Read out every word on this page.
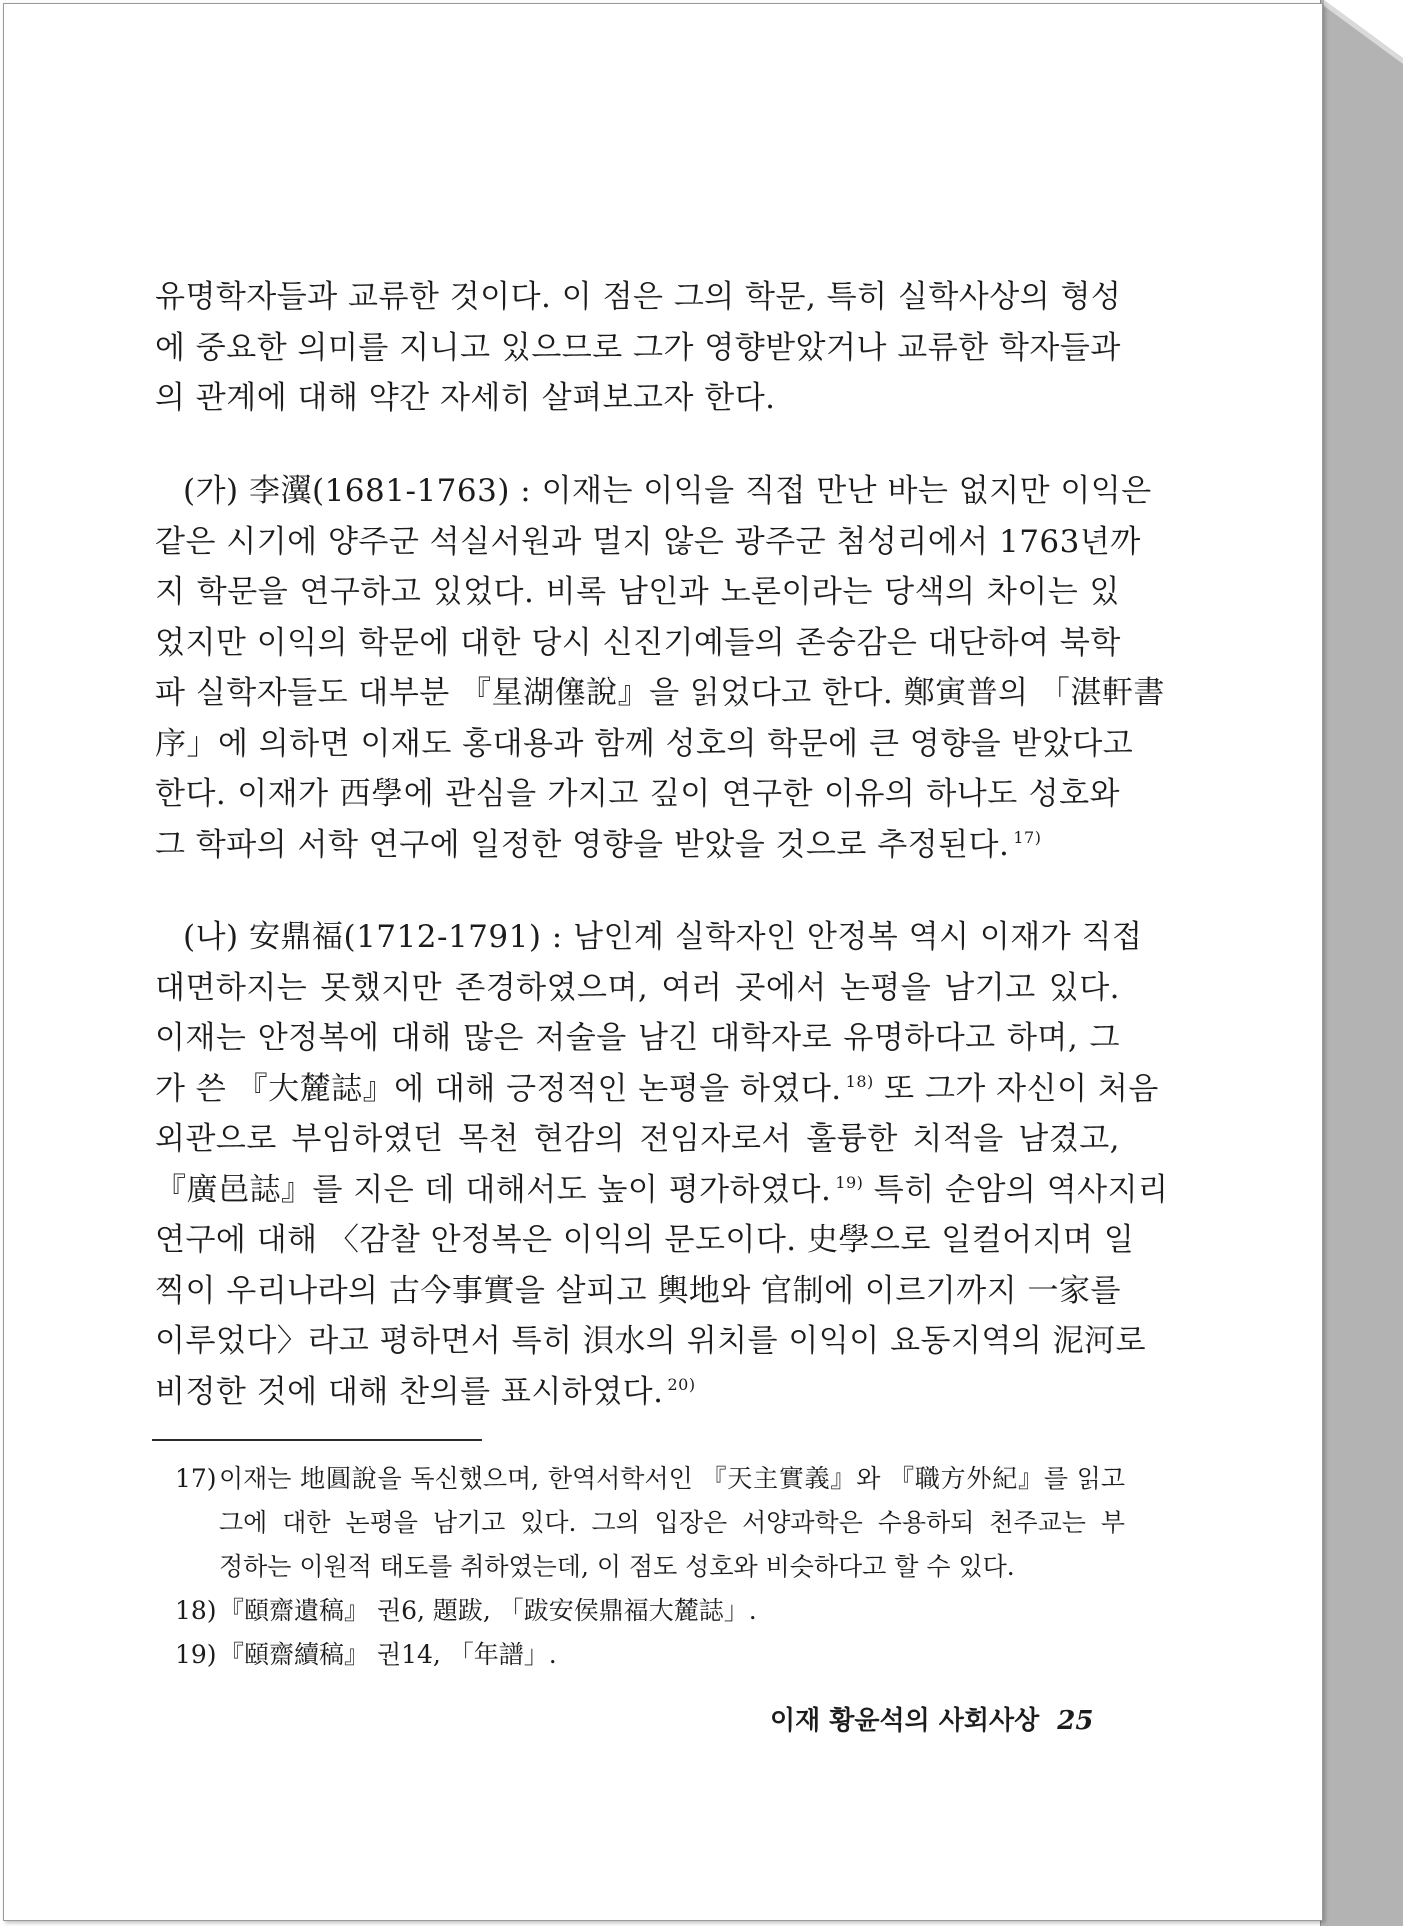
유명학자들과 교류한 것이다. 이 점은 그의 학문, 특히 실학사상의 형성
에 중요한 의미를 지니고 있으므로 그가 영향받았거나 교류한 학자들과
의 관계에 대해 약간 자세히 살펴보고자 한다.
(가) 李瀷(1681-1763) : 이재는 이익을 직접 만난 바는 없지만 이익은
같은 시기에 양주군 석실서원과 멀지 않은 광주군 첨성리에서 1763년까
지 학문을 연구하고 있었다. 비록 남인과 노론이라는 당색의 차이는 있
었지만 이익의 학문에 대한 당시 신진기예들의 존숭감은 대단하여 북학
파 실학자들도 대부분 『星湖僿說』을 읽었다고 한다. 鄭寅普의 「湛軒書
序」에 의하면 이재도 홍대용과 함께 성호의 학문에 큰 영향을 받았다고
한다. 이재가 西學에 관심을 가지고 깊이 연구한 이유의 하나도 성호와
그 학파의 서학 연구에 일정한 영향을 받았을 것으로 추정된다. $^{17)}$
(나) 安鼎福(1712-1791) : 남인계 실학자인 안정복 역시 이재가 직접
대면하지는 못했지만 존경하였으며, 여러 곳에서 논평을 남기고 있다.
이재는 안정복에 대해 많은 저술을 남긴 대학자로 유명하다고 하며, 그
가 쓴 『大麓誌』에 대해 긍정적인 논평을 하였다. $^{18)}$ 또 그가 자신이 처음
외관으로 부임하였던 목천 현감의 전임자로서 훌륭한 치적을 남겼고,
『廣邑誌』를 지은 데 대해서도 높이 평가하였다. $^{19)}$ 특히 순암의 역사지리
연구에 대해 〈감찰 안정복은 이익의 문도이다. 史學으로 일컬어지며 일
찍이 우리나라의 古今事實을 살피고 輿地와 官制에 이르기까지 一家를
이루었다〉라고 평하면서 특히 浿水의 위치를 이익이 요동지역의 泥河로
비정한 것에 대해 찬의를 표시하였다. $^{20)}$
17)이재는 地圓說을 독신했으며, 한역서학서인 『天主實義』와 『職方外紀』를 읽고
그에 대한 논평을 남기고 있다. 그의 입장은 서양과학은 수용하되 천주교는 부
정하는 이원적 태도를 취하였는데, 이 점도 성호와 비슷하다고 할 수 있다.
18)『頤齋遺稿』 권6, 題跋, 「跋安侯鼎福大麓誌」.
19)『頤齋續稿』 권14, 「年譜」.
이재 황윤석의 사회사상 25
